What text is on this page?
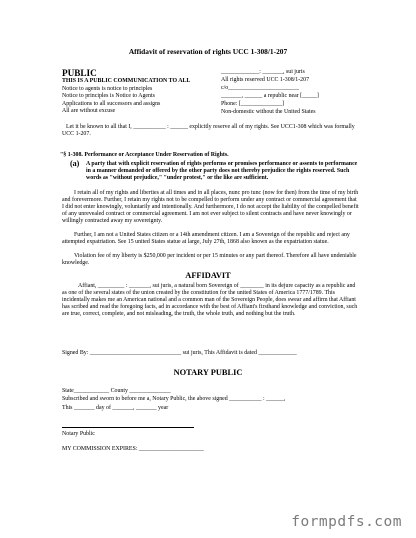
Affidavit of reservation of rights UCC 1-308/1-207
PUBLIC
THIS IS A PUBLIC COMMUNICATION TO ALL
Notice to agents is notice to principles
Notice to principles is Notice to Agents
Applications to all successors and assigns
All are without excuse
_____________: _______, sui juris
All rights reserved UCC 1-308/1-207
c/o________________________
_______, ______ a republic near [_____]
Phone: [______________]
Non-domestic without the United States
Let it be known to all that I, ___________ : ______ explicitly reserve all of my rights. See UCC1-308 which was formally UCC 1-207.
"§ 1-308. Performance or Acceptance Under Reservation of Rights.
(a) A party that with explicit reservation of rights performs or promises performance or assents to performance in a manner demanded or offered by the other party does not thereby prejudice the rights reserved. Such words as "without prejudice," "under protest," or the like are sufficient.
I retain all of my rights and liberties at all times and in all places, nunc pro tunc (now for then) from the time of my birth and forevermore. Further, I retain my rights not to be compelled to perform under any contract or commercial agreement that I did not enter knowingly, voluntarily and intentionally. And furthermore, I do not accept the liability of the compelled benefit of any unrevealed contract or commercial agreement. I am not ever subject to silent contracts and have never knowingly or willingly contracted away my sovereignty.
Further, I am not a United States citizen or a 14th amendment citizen. I am a Sovereign of the republic and reject any attempted expatriation. See 15 united States statue at large, July 27th, 1868 also known as the expatriation statue.
Violation fee of my liberty is $250,000 per incident or per 15 minutes or any part thereof. Therefore all have undeniable knowledge.
AFFIDAVIT
Affiant, _________ : _______, sui juris, a natural born Sovereign of ________ in its dejure capacity as a republic and as one of the several states of the union created by the constitution for the united States of America 1777/1789. This incidentally makes me an American national and a common man of the Sovereign People, does swear and affirm that Affiant has scribed and read the foregoing facts, ad in accordance with the best of Affiant's firsthand knowledge and conviction, such are true, correct, complete, and not misleading, the truth, the whole truth, and nothing but the truth.
Signed By: _______________________________ sui juris, This Affidavit is dated _____________
NOTARY PUBLIC
State____________ County ______________
Subscribed and sworn to before me a, Notary Public, the above signed ___________ : ______,
This _______ day of _______, _______ year
Notary Public
MY COMMISSION EXPIRES: ______________________
formpdfs.com
